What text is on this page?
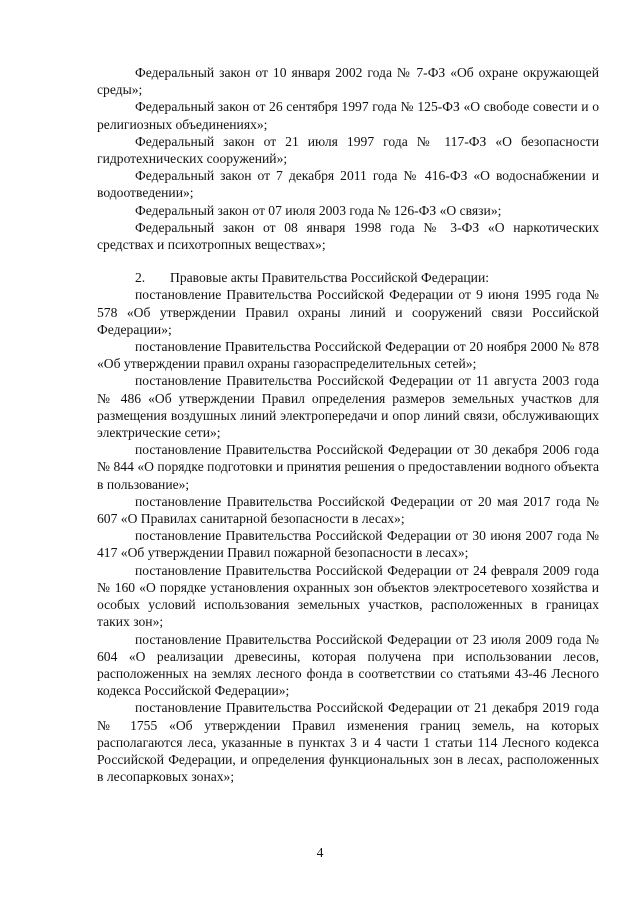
Федеральный закон от 10 января 2002 года № 7-ФЗ «Об охране окружающей среды»;

Федеральный закон от 26 сентября 1997 года № 125-ФЗ «О свободе совести и о религиозных объединениях»;

Федеральный закон от 21 июля 1997 года № 117-ФЗ «О безопасности гидротехнических сооружений»;

Федеральный закон от 7 декабря 2011 года № 416-ФЗ «О водоснабжении и водоотведении»;

Федеральный закон от 07 июля 2003 года № 126-ФЗ «О связи»;

Федеральный закон от 08 января 1998 года № 3-ФЗ «О наркотических средствах и психотропных веществах»;

2. Правовые акты Правительства Российской Федерации:

постановление Правительства Российской Федерации от 9 июня 1995 года № 578 «Об утверждении Правил охраны линий и сооружений связи Российской Федерации»;

постановление Правительства Российской Федерации от 20 ноября 2000 № 878 «Об утверждении правил охраны газораспределительных сетей»;

постановление Правительства Российской Федерации от 11 августа 2003 года № 486 «Об утверждении Правил определения размеров земельных участков для размещения воздушных линий электропередачи и опор линий связи, обслуживающих электрические сети»;

постановление Правительства Российской Федерации от 30 декабря 2006 года № 844 «О порядке подготовки и принятия решения о предоставлении водного объекта в пользование»;

постановление Правительства Российской Федерации от 20 мая 2017 года № 607 «О Правилах санитарной безопасности в лесах»;

постановление Правительства Российской Федерации от 30 июня 2007 года № 417 «Об утверждении Правил пожарной безопасности в лесах»;

постановление Правительства Российской Федерации от 24 февраля 2009 года № 160 «О порядке установления охранных зон объектов электросетевого хозяйства и особых условий использования земельных участков, расположенных в границах таких зон»;

постановление Правительства Российской Федерации от 23 июля 2009 года № 604 «О реализации древесины, которая получена при использовании лесов, расположенных на землях лесного фонда в соответствии со статьями 43-46 Лесного кодекса Российской Федерации»;

постановление Правительства Российской Федерации от 21 декабря 2019 года № 1755 «Об утверждении Правил изменения границ земель, на которых располагаются леса, указанные в пунктах 3 и 4 части 1 статьи 114 Лесного кодекса Российской Федерации, и определения функциональных зон в лесах, расположенных в лесопарковых зонах»;

4
